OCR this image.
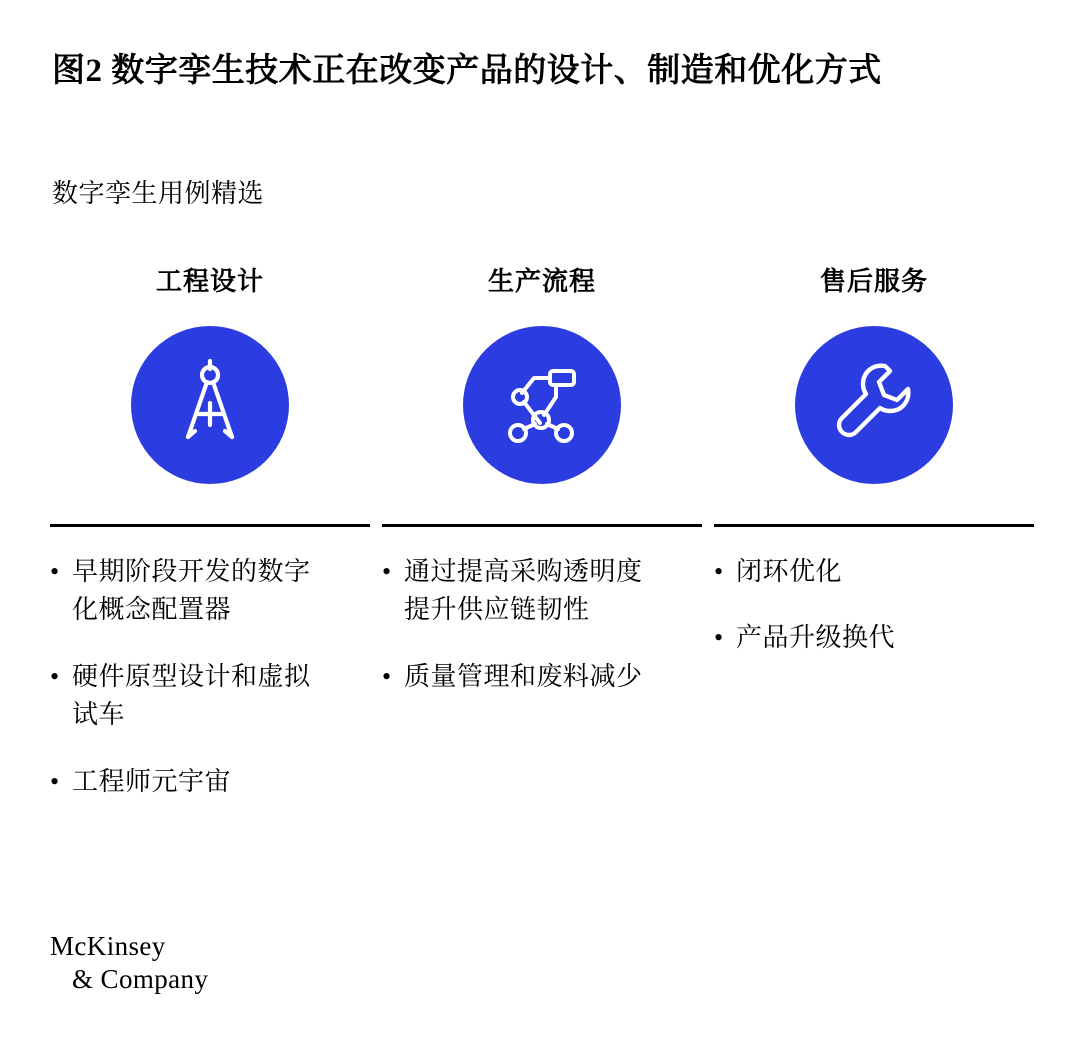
图2 数字孪生技术正在改变产品的设计、制造和优化方式
数字孪生用例精选
工程设计
• 早期阶段开发的数字化概念配置器
• 硬件原型设计和虚拟试车
• 工程师元宇宙
生产流程
• 通过提高采购透明度提升供应链韧性
• 质量管理和废料减少
售后服务
• 闭环优化
• 产品升级换代
McKinsey
& Company
